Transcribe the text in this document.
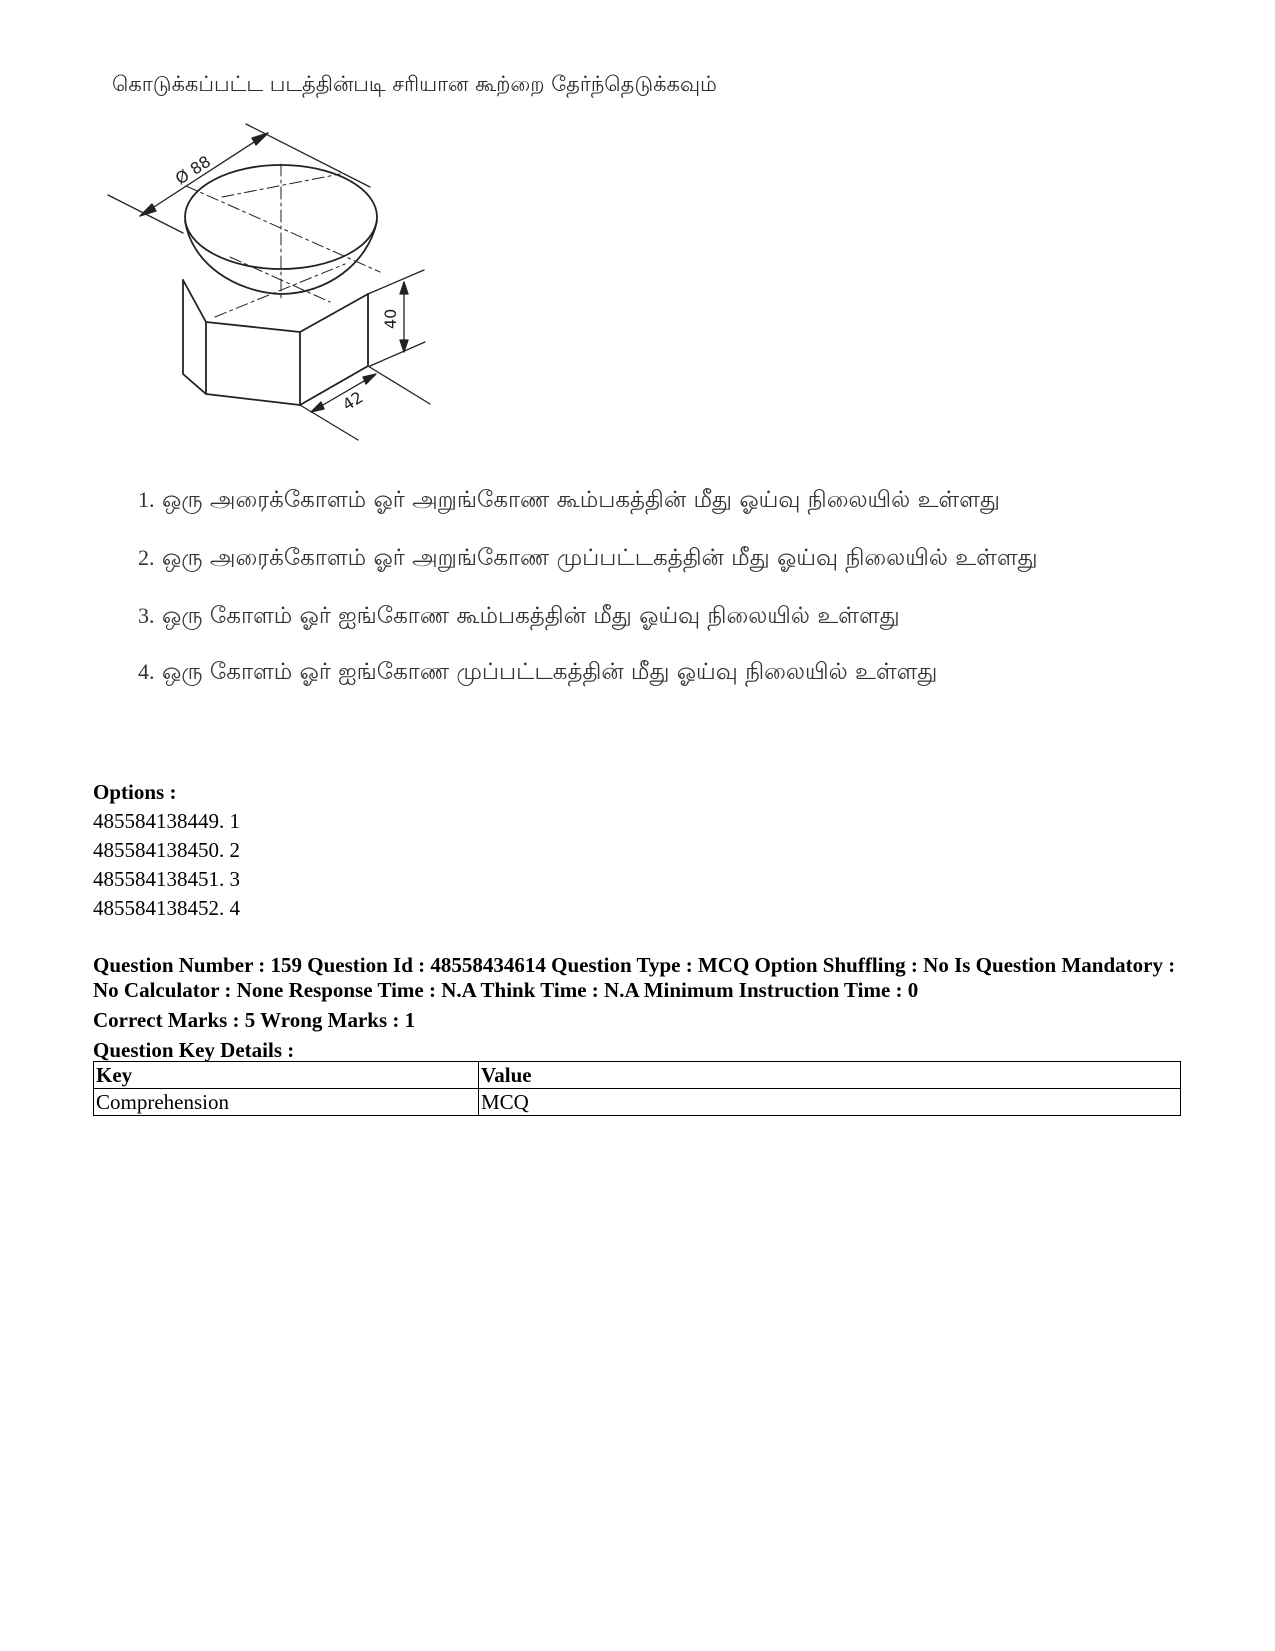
கொடுக்கப்பட்ட படத்தின்படி சரியான கூற்றை தேர்ந்தெடுக்கவும்

Ø 88
40
42
1. ஒரு அரைக்கோளம் ஓர் அறுங்கோண கூம்பகத்தின் மீது ஓய்வு நிலையில் உள்ளது
2. ஒரு அரைக்கோளம் ஓர் அறுங்கோண முப்பட்டகத்தின் மீது ஓய்வு நிலையில் உள்ளது
3. ஒரு கோளம் ஓர் ஐங்கோண கூம்பகத்தின் மீது ஓய்வு நிலையில் உள்ளது
4. ஒரு கோளம் ஓர் ஐங்கோண முப்பட்டகத்தின் மீது ஓய்வு நிலையில் உள்ளது
Options :
485584138449. 1
485584138450. 2
485584138451. 3
485584138452. 4
Question Number : 159 Question Id : 48558434614 Question Type : MCQ Option Shuffling : No Is Question Mandatory :
No Calculator : None Response Time : N.A Think Time : N.A Minimum Instruction Time : 0
Correct Marks : 5 Wrong Marks : 1
Question Key Details :
Key	Value
Comprehension	MCQ
